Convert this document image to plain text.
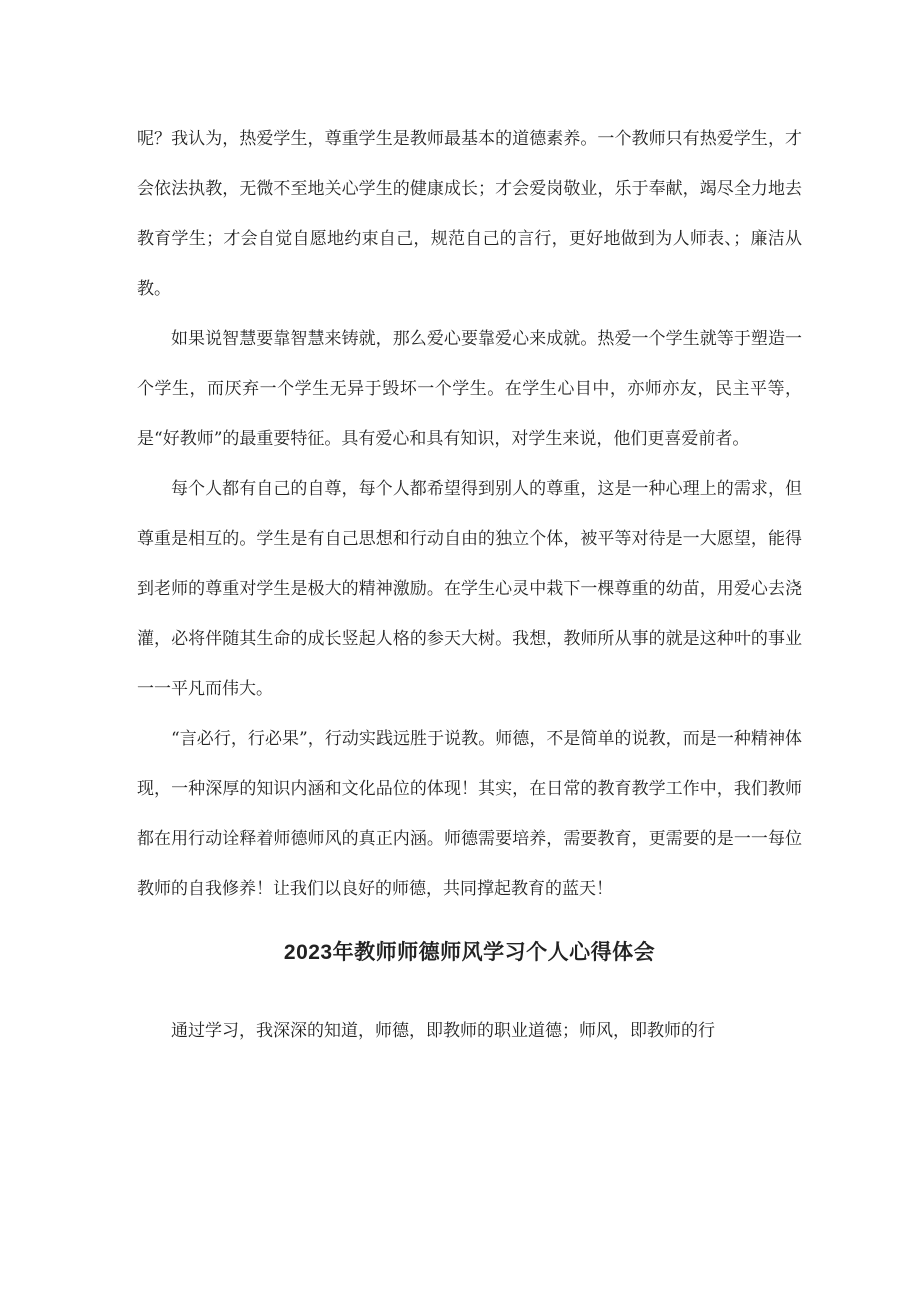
呢？我认为，热爱学生，尊重学生是教师最基本的道德素养。一个教师只有热爱学生，才会依法执教，无微不至地关心学生的健康成长；才会爱岗敬业，乐于奉献，竭尽全力地去教育学生；才会自觉自愿地约束自己，规范自己的言行，更好地做到为人师表、；廉洁从教。

如果说智慧要靠智慧来铸就，那么爱心要靠爱心来成就。热爱一个学生就等于塑造一个学生，而厌弃一个学生无异于毁坏一个学生。在学生心目中，亦师亦友，民主平等，是“好教师”的最重要特征。具有爱心和具有知识，对学生来说，他们更喜爱前者。

每个人都有自己的自尊，每个人都希望得到别人的尊重，这是一种心理上的需求，但尊重是相互的。学生是有自己思想和行动自由的独立个体，被平等对待是一大愿望，能得到老师的尊重对学生是极大的精神激励。在学生心灵中栽下一棵尊重的幼苗，用爱心去浇灌，必将伴随其生命的成长竖起人格的参天大树。我想，教师所从事的就是这种叶的事业一一平凡而伟大。

“言必行，行必果”，行动实践远胜于说教。师德，不是简单的说教，而是一种精神体现，一种深厚的知识内涵和文化品位的体现！其实，在日常的教育教学工作中，我们教师都在用行动诠释着师德师风的真正内涵。师德需要培养，需要教育，更需要的是一一每位教师的自我修养！让我们以良好的师德，共同撑起教育的蓝天！

2023年教师师德师风学习个人心得体会

通过学习，我深深的知道，师德，即教师的职业道德；师风，即教师的行
